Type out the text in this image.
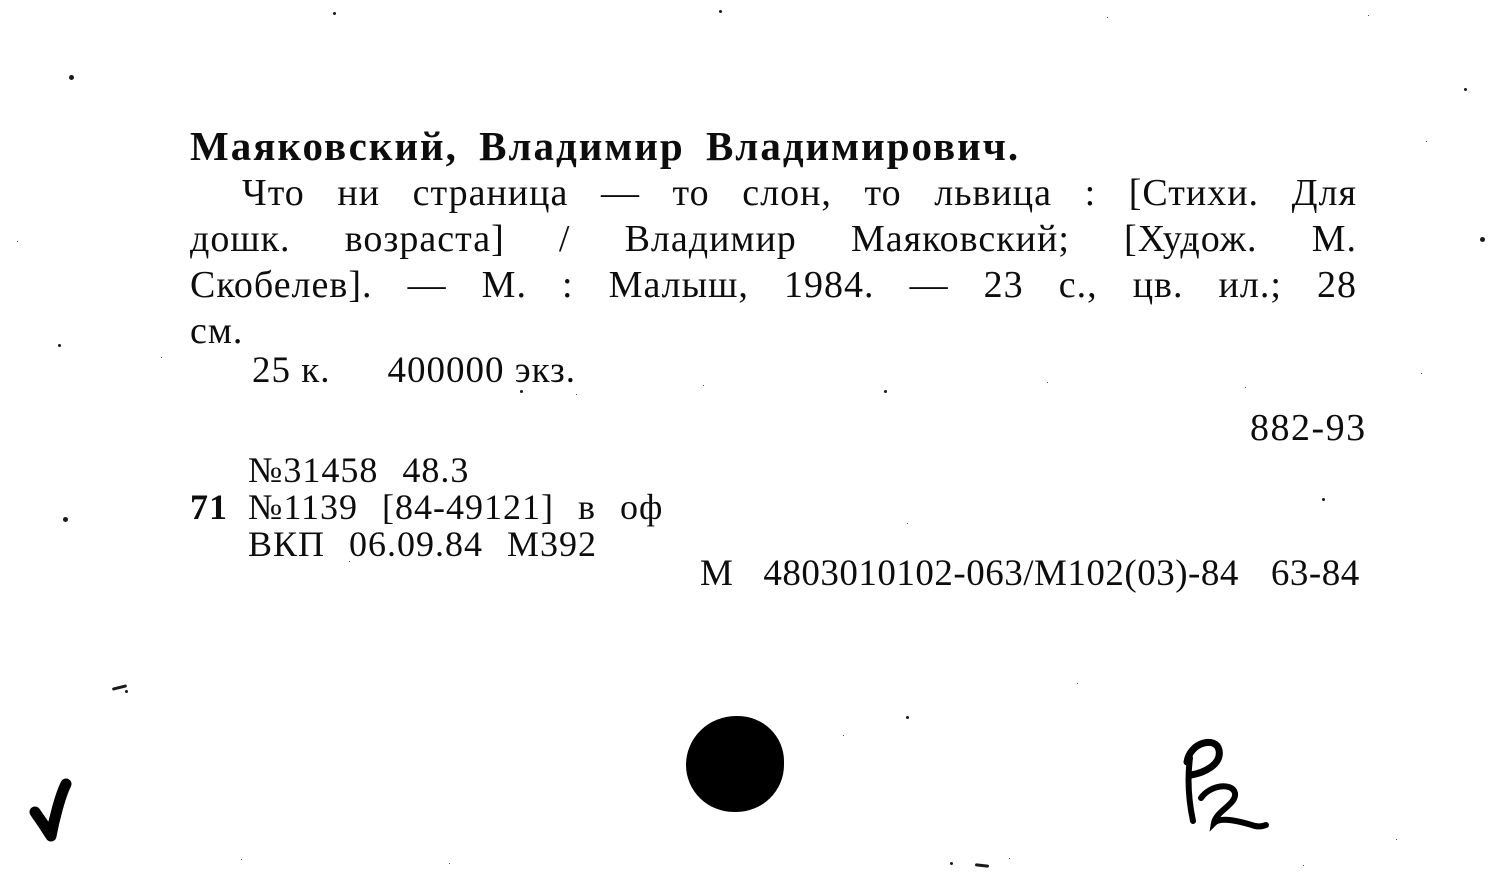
Маяковский, Владимир Владимирович.
Что ни страница — то слон, то львица : [Стихи. Для
дошк. возраста] / Владимир Маяковский; [Худож. М.
Скобелев]. — М. : Малыш, 1984. — 23 с., цв. ил.; 28
см.
25 к. 400000 экз.
882-93
№31458 48.3
71 №1139 [84-49121] в оф
ВКП 06.09.84 М392
М 4803010102-063/М102(03)-84 63-84
